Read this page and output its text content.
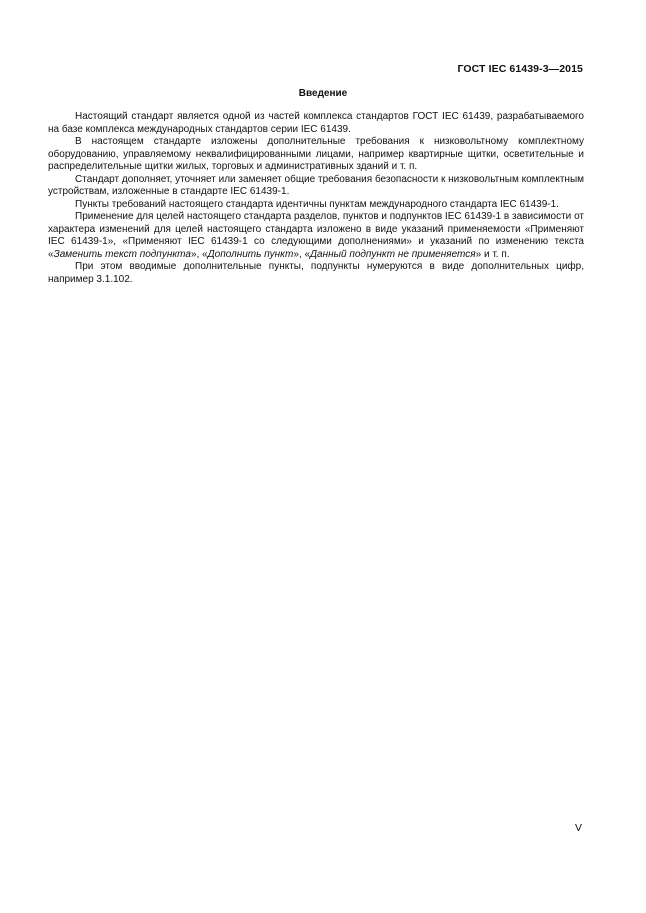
ГОСТ IEC 61439-3—2015
Введение

Настоящий стандарт является одной из частей комплекса стандартов ГОСТ IEC 61439, разрабатываемого на базе комплекса международных стандартов серии IEC 61439.

В настоящем стандарте изложены дополнительные требования к низковольтному комплектному оборудованию, управляемому неквалифицированными лицами, например квартирные щитки, осветительные и распределительные щитки жилых, торговых и административных зданий и т. п.

Стандарт дополняет, уточняет или заменяет общие требования безопасности к низковольтным комплектным устройствам, изложенные в стандарте IEC 61439-1.

Пункты требований настоящего стандарта идентичны пунктам международного стандарта IEC 61439-1.

Применение для целей настоящего стандарта разделов, пунктов и подпунктов IEC 61439-1 в зависимости от характера изменений для целей настоящего стандарта изложено в виде указаний применяемости «Применяют IEC 61439-1», «Применяют IEC 61439-1 со следующими дополнениями» и указаний по изменению текста «Заменить текст подпункта», «Дополнить пункт», «Данный подпункт не применяется» и т. п.

При этом вводимые дополнительные пункты, подпункты нумеруются в виде дополнительных цифр, например 3.1.102.

V
